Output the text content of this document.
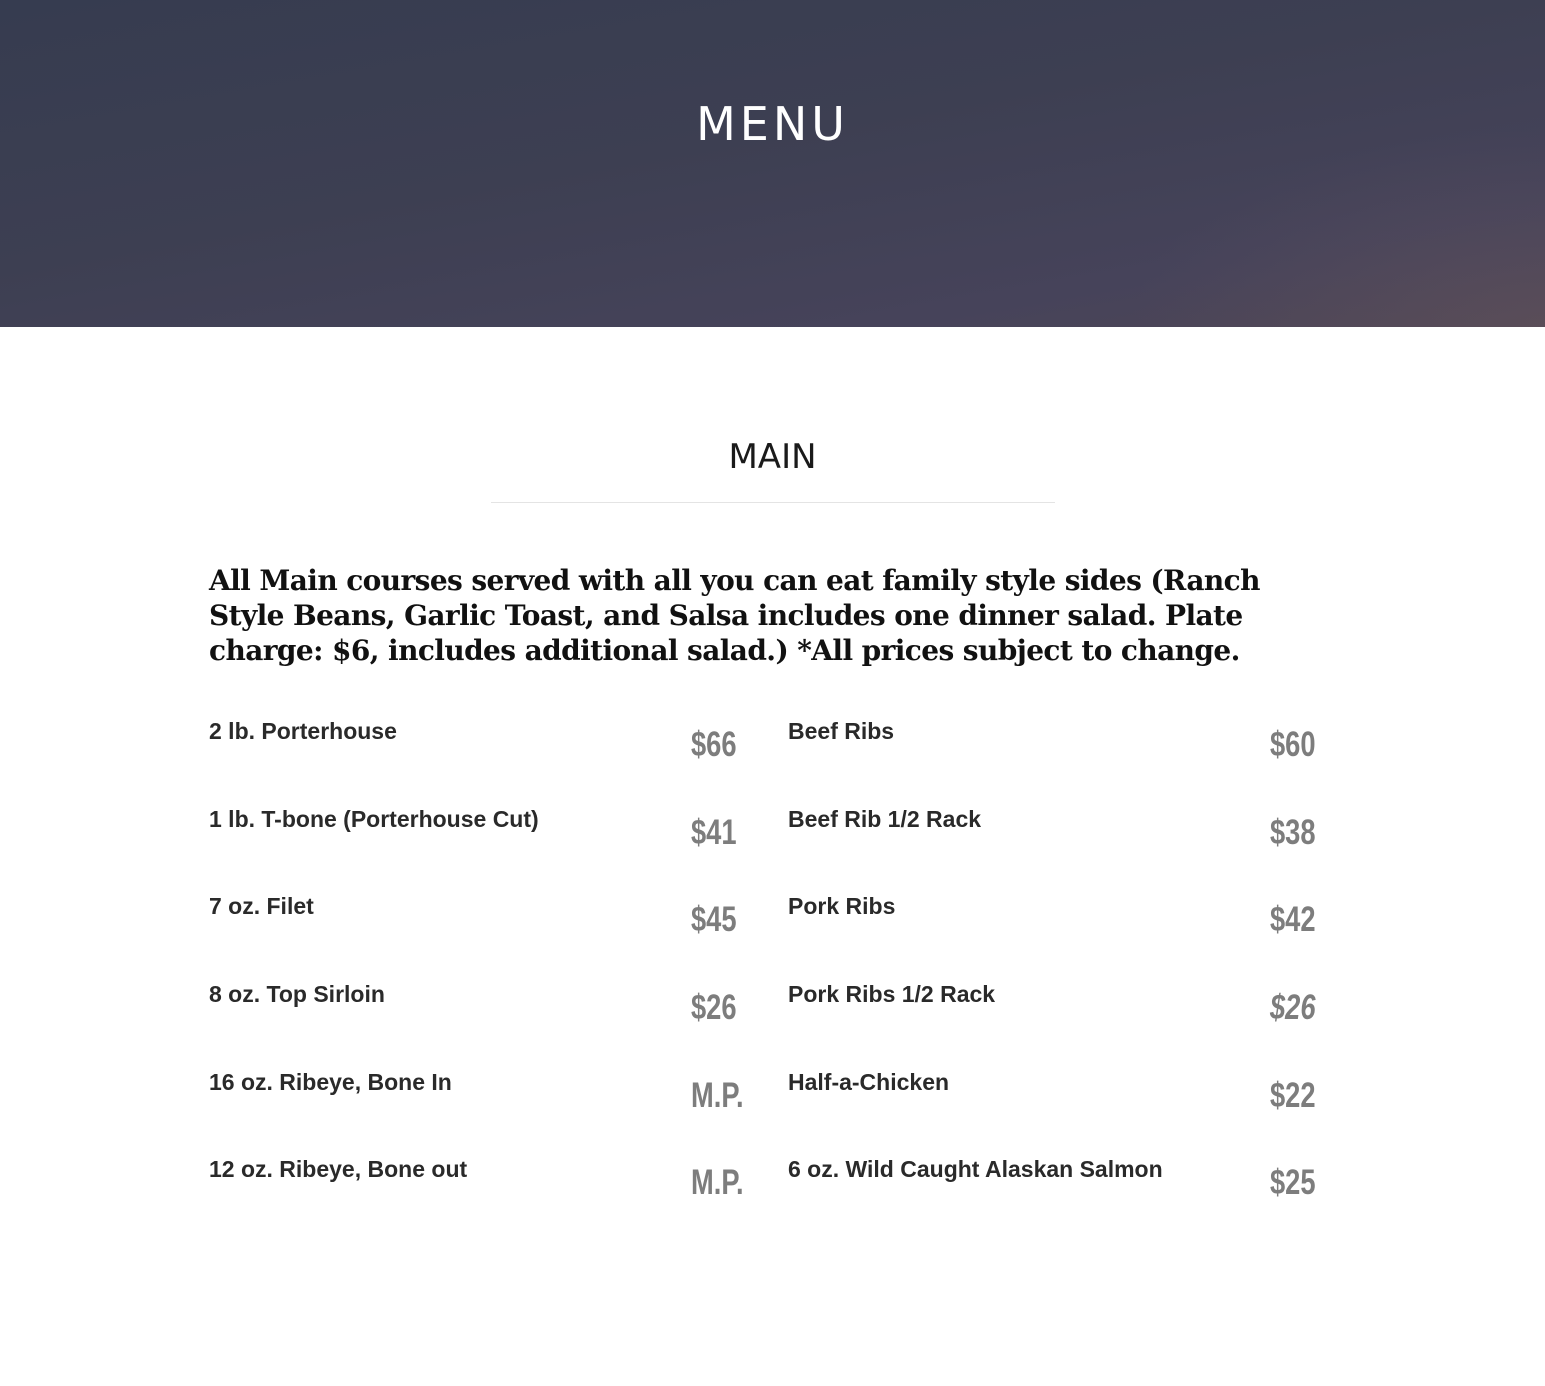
MENU
MAIN

All Main courses served with all you can eat family style sides (Ranch Style Beans, Garlic Toast, and Salsa includes one dinner salad. Plate charge: $6, includes additional salad.) *All prices subject to change.

2 lb. Porterhouse	$66
1 lb. T-bone (Porterhouse Cut)	$41
7 oz. Filet	$45
8 oz. Top Sirloin	$26
16 oz. Ribeye, Bone In	M.P.
12 oz. Ribeye, Bone out	M.P.
Beef Ribs	$60
Beef Rib 1/2 Rack	$38
Pork Ribs	$42
Pork Ribs 1/2 Rack	$26
Half-a-Chicken	$22
6 oz. Wild Caught Alaskan Salmon	$25
